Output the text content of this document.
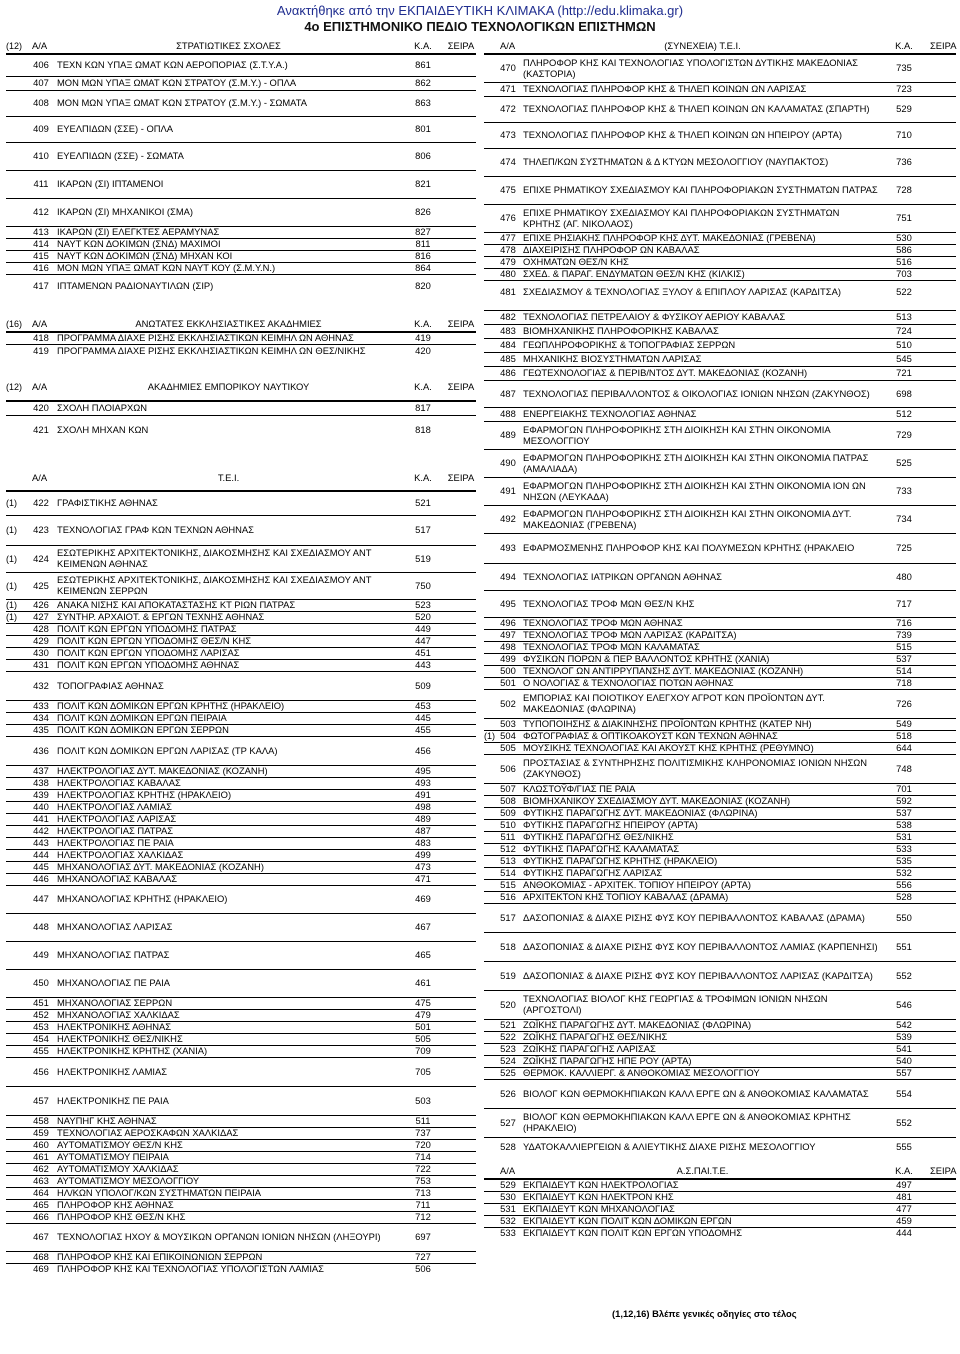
Ανακτήθηκε από την ΕΚΠΑΙΔΕΥΤΙΚΗ ΚΛΙΜΑΚΑ (http://edu.klimaka.gr)
4ο ΕΠΙΣΤΗΜΟΝΙΚΟ ΠΕΔΙΟ ΤΕΧΝΟΛΟΓΙΚΩΝ ΕΠΙΣΤΗΜΩΝ
(12)	Α/Α	ΣΤΡΑΤΙΩΤΙΚΕΣ ΣΧΟΛΕΣ	Κ.Α.	ΣΕΙΡΑ
406 ΤΕΧΝ ΚΩΝ ΥΠΑΞ ΩΜΑΤ ΚΩΝ ΑΕΡΟΠΟΡΙΑΣ (Σ.Τ.Υ.Α.)	861
407 ΜΟΝ ΜΩΝ ΥΠΑΞ ΩΜΑΤ ΚΩΝ ΣΤΡΑΤΟΥ (Σ.Μ.Υ.) - ΟΠΛΑ	862
408 ΜΟΝ ΜΩΝ ΥΠΑΞ ΩΜΑΤ ΚΩΝ ΣΤΡΑΤΟΥ (Σ.Μ.Υ.) - ΣΩΜΑΤΑ	863
409 ΕΥΕΛΠΙΔΩΝ (ΣΣΕ) - ΟΠΛΑ	801
410 ΕΥΕΛΠΙΔΩΝ (ΣΣΕ) - ΣΩΜΑΤΑ	806
411 ΙΚΑΡΩΝ (ΣΙ) ΙΠΤΑΜΕΝΟΙ	821
412 ΙΚΑΡΩΝ (ΣΙ) ΜΗΧΑΝΙΚΟΙ (ΣΜΑ)	826
413 ΙΚΑΡΩΝ (ΣΙ) ΕΛΕΓΚΤΕΣ ΑΕΡΑΜΥΝΑΣ	827
414 ΝΑΥΤ ΚΩΝ ΔΟΚΙΜΩΝ (ΣΝΔ) ΜΑΧΙΜΟΙ	811
415 ΝΑΥΤ ΚΩΝ ΔΟΚΙΜΩΝ (ΣΝΔ) ΜΗΧΑΝ ΚΟΙ	816
416 ΜΟΝ ΜΩΝ ΥΠΑΞ ΩΜΑΤ ΚΩΝ ΝΑΥΤ ΚΟΥ (Σ.Μ.Υ.Ν.)	864
417 ΙΠΤΑΜΕΝΩΝ ΡΑΔΙΟΝΑΥΤΙΛΩΝ (ΣΙΡ)	820
(16)	Α/Α	ΑΝΩΤΑΤΕΣ ΕΚΚΛΗΣΙΑΣΤΙΚΕΣ ΑΚΑΔΗΜΙΕΣ	Κ.Α.	ΣΕΙΡΑ
418 ΠΡΟΓΡΑΜΜΑ ΔΙΑΧΕ ΡΙΣΗΣ ΕΚΚΛΗΣΙΑΣΤΙΚΩΝ ΚΕΙΜΗΛ ΩΝ ΑΘΗΝΑΣ	419
419 ΠΡΟΓΡΑΜΜΑ ΔΙΑΧΕ ΡΙΣΗΣ ΕΚΚΛΗΣΙΑΣΤΙΚΩΝ ΚΕΙΜΗΛ ΩΝ ΘΕΣ/ΝΙΚΗΣ	420
(12)	Α/Α	ΑΚΑΔΗΜΙΕΣ ΕΜΠΟΡΙΚΟΥ ΝΑΥΤΙΚΟΥ	Κ.Α.	ΣΕΙΡΑ
420 ΣΧΟΛΗ ΠΛΟΙΑΡΧΩΝ	817
421 ΣΧΟΛΗ ΜΗΧΑΝ ΚΩΝ	818
Α/Α	Τ.Ε.Ι.	Κ.Α.	ΣΕΙΡΑ
(1)	422 ΓΡΑΦΙΣΤΙΚΗΣ ΑΘΗΝΑΣ	521
(1)	423 ΤΕΧΝΟΛΟΓΙΑΣ ΓΡΑΦ ΚΩΝ ΤΕΧΝΩΝ ΑΘΗΝΑΣ	517
(1)	424 ΕΣΩΤΕΡΙΚΗΣ ΑΡΧΙΤΕΚΤΟΝΙΚΗΣ, ΔΙΑΚΟΣΜΗΣΗΣ ΚΑΙ ΣΧΕΔΙΑΣΜΟΥ ΑΝΤ ΚΕΙΜΕΝΩΝ ΑΘΗΝΑΣ	519
(1)	425 ΕΣΩΤΕΡΙΚΗΣ ΑΡΧΙΤΕΚΤΟΝΙΚΗΣ, ΔΙΑΚΟΣΜΗΣΗΣ ΚΑΙ ΣΧΕΔΙΑΣΜΟΥ ΑΝΤ ΚΕΙΜΕΝΩΝ ΣΕΡΡΩΝ	750
(1)	426 ΑΝΑΚΑ ΝΙΣΗΣ ΚΑΙ ΑΠΟΚΑΤΑΣΤΑΣΗΣ ΚΤ ΡΙΩΝ ΠΑΤΡΑΣ	523
(1)	427 ΣΥΝΤΗΡ. ΑΡΧΑΙΟΤ. & ΕΡΓΩΝ ΤΕΧΝΗΣ ΑΘΗΝΑΣ	520
428 ΠΟΛΙΤ ΚΩΝ ΕΡΓΩΝ ΥΠΟΔΟΜΗΣ ΠΑΤΡΑΣ	449
429 ΠΟΛΙΤ ΚΩΝ ΕΡΓΩΝ ΥΠΟΔΟΜΗΣ ΘΕΣ/Ν ΚΗΣ	447
430 ΠΟΛΙΤ ΚΩΝ ΕΡΓΩΝ ΥΠΟΔΟΜΗΣ ΛΑΡΙΣΑΣ	451
431 ΠΟΛΙΤ ΚΩΝ ΕΡΓΩΝ ΥΠΟΔΟΜΗΣ ΑΘΗΝΑΣ	443
432 ΤΟΠΟΓΡΑΦΙΑΣ ΑΘΗΝΑΣ	509
433 ΠΟΛΙΤ ΚΩΝ ΔΟΜΙΚΩΝ ΕΡΓΩΝ ΚΡΗΤΗΣ (ΗΡΑΚΛΕΙΟ)	453
434 ΠΟΛΙΤ ΚΩΝ ΔΟΜΙΚΩΝ ΕΡΓΩΝ ΠΕΙΡΑΙΑ	445
435 ΠΟΛΙΤ ΚΩΝ ΔΟΜΙΚΩΝ ΕΡΓΩΝ ΣΕΡΡΩΝ	455
436 ΠΟΛΙΤ ΚΩΝ ΔΟΜΙΚΩΝ ΕΡΓΩΝ ΛΑΡΙΣΑΣ (ΤΡ ΚΑΛΑ)	456
437 ΗΛΕΚΤΡΟΛΟΓΙΑΣ ΔΥΤ. ΜΑΚΕΔΟΝΙΑΣ (ΚΟΖΑΝΗ)	495
438 ΗΛΕΚΤΡΟΛΟΓΙΑΣ ΚΑΒΑΛΑΣ	493
439 ΗΛΕΚΤΡΟΛΟΓΙΑΣ ΚΡΗΤΗΣ (ΗΡΑΚΛΕΙΟ)	491
440 ΗΛΕΚΤΡΟΛΟΓΙΑΣ ΛΑΜΙΑΣ	498
441 ΗΛΕΚΤΡΟΛΟΓΙΑΣ ΛΑΡΙΣΑΣ	489
442 ΗΛΕΚΤΡΟΛΟΓΙΑΣ ΠΑΤΡΑΣ	487
443 ΗΛΕΚΤΡΟΛΟΓΙΑΣ ΠΕ ΡΑΙΑ	483
444 ΗΛΕΚΤΡΟΛΟΓΙΑΣ ΧΑΛΚΙΔΑΣ	499
445 ΜΗΧΑΝΟΛΟΓΙΑΣ ΔΥΤ. ΜΑΚΕΔΟΝΙΑΣ (ΚΟΖΑΝΗ)	473
446 ΜΗΧΑΝΟΛΟΓΙΑΣ ΚΑΒΑΛΑΣ	471
447 ΜΗΧΑΝΟΛΟΓΙΑΣ ΚΡΗΤΗΣ (ΗΡΑΚΛΕΙΟ)	469
448 ΜΗΧΑΝΟΛΟΓΙΑΣ ΛΑΡΙΣΑΣ	467
449 ΜΗΧΑΝΟΛΟΓΙΑΣ ΠΑΤΡΑΣ	465
450 ΜΗΧΑΝΟΛΟΓΙΑΣ ΠΕ ΡΑΙΑ	461
451 ΜΗΧΑΝΟΛΟΓΙΑΣ ΣΕΡΡΩΝ	475
452 ΜΗΧΑΝΟΛΟΓΙΑΣ ΧΑΛΚΙΔΑΣ	479
453 ΗΛΕΚΤΡΟΝΙΚΗΣ ΑΘΗΝΑΣ	501
454 ΗΛΕΚΤΡΟΝΙΚΗΣ ΘΕΣ/ΝΙΚΗΣ	505
455 ΗΛΕΚΤΡΟΝΙΚΗΣ ΚΡΗΤΗΣ (ΧΑΝΙΑ)	709
456 ΗΛΕΚΤΡΟΝΙΚΗΣ ΛΑΜΙΑΣ	705
457 ΗΛΕΚΤΡΟΝΙΚΗΣ ΠΕ ΡΑΙΑ	503
458 ΝΑΥΠΗΓ ΚΗΣ ΑΘΗΝΑΣ	511
459 ΤΕΧΝΟΛΟΓΙΑΣ ΑΕΡΟΣΚΑΦΩΝ ΧΑΛΚΙΔΑΣ	737
460 ΑΥΤΟΜΑΤΙΣΜΟΥ ΘΕΣ/Ν ΚΗΣ	720
461 ΑΥΤΟΜΑΤΙΣΜΟΥ ΠΕΙΡΑΙΑ	714
462 ΑΥΤΟΜΑΤΙΣΜΟΥ ΧΑΛΚΙΔΑΣ	722
463 ΑΥΤΟΜΑΤΙΣΜΟΥ ΜΕΣΟΛΟΓΓΙΟΥ	753
464 ΗΛ/ΚΩΝ ΥΠΟΛΟΓ/ΚΩΝ ΣΥΣΤΗΜΑΤΩΝ ΠΕΙΡΑΙΑ	713
465 ΠΛΗΡΟΦΟΡ ΚΗΣ ΑΘΗΝΑΣ	711
466 ΠΛΗΡΟΦΟΡ ΚΗΣ ΘΕΣ/Ν ΚΗΣ	712
467 ΤΕΧΝΟΛΟΓΙΑΣ ΗΧΟΥ & ΜΟΥΣΙΚΩΝ ΟΡΓΑΝΩΝ ΙΟΝΙΩΝ ΝΗΣΩΝ (ΛΗΞΟΥΡΙ)	697
468 ΠΛΗΡΟΦΟΡ ΚΗΣ ΚΑΙ ΕΠΙΚΟΙΝΩΝΙΩΝ ΣΕΡΡΩΝ	727
469 ΠΛΗΡΟΦΟΡ ΚΗΣ ΚΑΙ ΤΕΧΝΟΛΟΓΙΑΣ ΥΠΟΛΟΓΙΣΤΩΝ ΛΑΜΙΑΣ	506
Α/Α	(ΣΥΝΕΧΕΙΑ) Τ.Ε.Ι.	Κ.Α.	ΣΕΙΡΑ
470 ΠΛΗΡΟΦΟΡ ΚΗΣ ΚΑΙ ΤΕΧΝΟΛΟΓΙΑΣ ΥΠΟΛΟΓΙΣΤΩΝ ΔΥΤΙΚΗΣ ΜΑΚΕΔΟΝΙΑΣ (ΚΑΣΤΟΡΙΑ)	735
471 ΤΕΧΝΟΛΟΓΙΑΣ ΠΛΗΡΟΦΟΡ ΚΗΣ & ΤΗΛΕΠ ΚΟΙΝΩΝ ΩΝ ΛΑΡΙΣΑΣ	723
472 ΤΕΧΝΟΛΟΓΙΑΣ ΠΛΗΡΟΦΟΡ ΚΗΣ & ΤΗΛΕΠ ΚΟΙΝΩΝ ΩΝ ΚΑΛΑΜΑΤΑΣ (ΣΠΑΡΤΗ)	529
473 ΤΕΧΝΟΛΟΓΙΑΣ ΠΛΗΡΟΦΟΡ ΚΗΣ & ΤΗΛΕΠ ΚΟΙΝΩΝ ΩΝ ΗΠΕΙΡΟΥ (ΑΡΤΑ)	710
474 ΤΗΛΕΠ/ΚΩΝ ΣΥΣΤΗΜΑΤΩΝ & Δ ΚΤΥΩΝ ΜΕΣΟΛΟΓΓΙΟΥ (ΝΑΥΠΑΚΤΟΣ)	736
475 ΕΠΙΧΕ ΡΗΜΑΤΙΚΟΥ ΣΧΕΔΙΑΣΜΟΥ ΚΑΙ ΠΛΗΡΟΦΟΡΙΑΚΩΝ ΣΥΣΤΗΜΑΤΩΝ ΠΑΤΡΑΣ	728
476 ΕΠΙΧΕ ΡΗΜΑΤΙΚΟΥ ΣΧΕΔΙΑΣΜΟΥ ΚΑΙ ΠΛΗΡΟΦΟΡΙΑΚΩΝ ΣΥΣΤΗΜΑΤΩΝ ΚΡΗΤΗΣ (ΑΓ. ΝΙΚΟΛΑΟΣ)	751
477 ΕΠΙΧΕ ΡΗΣΙΑΚΗΣ ΠΛΗΡΟΦΟΡ ΚΗΣ ΔΥΤ. ΜΑΚΕΔΟΝΙΑΣ (ΓΡΕΒΕΝΑ)	530
478 ΔΙΑΧΕΙΡΙΣΗΣ ΠΛΗΡΟΦΟΡ ΩΝ ΚΑΒΑΛΑΣ	586
479 ΟΧΗΜΑΤΩΝ ΘΕΣ/Ν ΚΗΣ	516
480 ΣΧΕΔ. & ΠΑΡΑΓ. ΕΝΔΥΜΑΤΩΝ ΘΕΣ/Ν ΚΗΣ (ΚΙΛΚΙΣ)	703
481 ΣΧΕΔΙΑΣΜΟΥ & ΤΕΧΝΟΛΟΓΙΑΣ ΞΥΛΟΥ & ΕΠΙΠΛΟΥ ΛΑΡΙΣΑΣ (ΚΑΡΔΙΤΣΑ)	522
482 ΤΕΧΝΟΛΟΓΙΑΣ ΠΕΤΡΕΛΑΙΟΥ & ΦΥΣΙΚΟΥ ΑΕΡΙΟΥ ΚΑΒΑΛΑΣ	513
483 ΒΙΟΜΗΧΑΝΙΚΗΣ ΠΛΗΡΟΦΟΡΙΚΗΣ ΚΑΒΑΛΑΣ	724
484 ΓΕΩΠΛΗΡΟΦΟΡΙΚΗΣ & ΤΟΠΟΓΡΑΦΙΑΣ ΣΕΡΡΩΝ	510
485 ΜΗΧΑΝΙΚΗΣ ΒΙΟΣΥΣΤΗΜΑΤΩΝ ΛΑΡΙΣΑΣ	545
486 ΓΕΩΤΕΧΝΟΛΟΓΙΑΣ & ΠΕΡΙΒ/ΝΤΟΣ ΔΥΤ. ΜΑΚΕΔΟΝΙΑΣ (ΚΟΖΑΝΗ)	721
487 ΤΕΧΝΟΛΟΓΙΑΣ ΠΕΡΙΒΑΛΛΟΝΤΟΣ & ΟΙΚΟΛΟΓΙΑΣ ΙΟΝΙΩΝ ΝΗΣΩΝ (ΖΑΚΥΝΘΟΣ)	698
488 ΕΝΕΡΓΕΙΑΚΗΣ ΤΕΧΝΟΛΟΓΙΑΣ ΑΘΗΝΑΣ	512
489 ΕΦΑΡΜΟΓΩΝ ΠΛΗΡΟΦΟΡΙΚΗΣ ΣΤΗ ΔΙΟΙΚΗΣΗ ΚΑΙ ΣΤΗΝ ΟΙΚΟΝΟΜΙΑ ΜΕΣΟΛΟΓΓΙΟΥ	729
490 ΕΦΑΡΜΟΓΩΝ ΠΛΗΡΟΦΟΡΙΚΗΣ ΣΤΗ ΔΙΟΙΚΗΣΗ ΚΑΙ ΣΤΗΝ ΟΙΚΟΝΟΜΙΑ ΠΑΤΡΑΣ (ΑΜΑΛΙΑΔΑ)	525
491 ΕΦΑΡΜΟΓΩΝ ΠΛΗΡΟΦΟΡΙΚΗΣ ΣΤΗ ΔΙΟΙΚΗΣΗ ΚΑΙ ΣΤΗΝ ΟΙΚΟΝΟΜΙΑ ΙΟΝ ΩΝ ΝΗΣΩΝ (ΛΕΥΚΑΔΑ)	733
492 ΕΦΑΡΜΟΓΩΝ ΠΛΗΡΟΦΟΡΙΚΗΣ ΣΤΗ ΔΙΟΙΚΗΣΗ ΚΑΙ ΣΤΗΝ ΟΙΚΟΝΟΜΙΑ ΔΥΤ. ΜΑΚΕΔΟΝΙΑΣ (ΓΡΕΒΕΝΑ)	734
493 ΕΦΑΡΜΟΣΜΕΝΗΣ ΠΛΗΡΟΦΟΡ ΚΗΣ ΚΑΙ ΠΟΛΥΜΕΣΩΝ ΚΡΗΤΗΣ (ΗΡΑΚΛΕΙΟ	725
494 ΤΕΧΝΟΛΟΓΙΑΣ ΙΑΤΡΙΚΩΝ ΟΡΓΑΝΩΝ ΑΘΗΝΑΣ	480
495 ΤΕΧΝΟΛΟΓΙΑΣ ΤΡΟΦ ΜΩΝ ΘΕΣ/Ν ΚΗΣ	717
496 ΤΕΧΝΟΛΟΓΙΑΣ ΤΡΟΦ ΜΩΝ ΑΘΗΝΑΣ	716
497 ΤΕΧΝΟΛΟΓΙΑΣ ΤΡΟΦ ΜΩΝ ΛΑΡΙΣΑΣ (ΚΑΡΔΙΤΣΑ)	739
498 ΤΕΧΝΟΛΟΓΙΑΣ ΤΡΟΦ ΜΩΝ ΚΑΛΑΜΑΤΑΣ	515
499 ΦΥΣΙΚΩΝ ΠΟΡΩΝ & ΠΕΡ ΒΑΛΛΟΝΤΟΣ ΚΡΗΤΗΣ (ΧΑΝΙΑ)	537
500 ΤΕΧΝΟΛΟΓ ΩΝ ΑΝΤΙΡΡΥΠΑΝΣΗΣ ΔΥΤ. ΜΑΚΕΔΟΝΙΑΣ (ΚΟΖΑΝΗ)	514
501 Ο ΝΟΛΟΓΙΑΣ & ΤΕΧΝΟΛΟΓΙΑΣ ΠΟΤΩΝ ΑΘΗΝΑΣ	718
502 ΕΜΠΟΡΙΑΣ ΚΑΙ ΠΟΙΟΤΙΚΟΥ ΕΛΕΓΧΟΥ ΑΓΡΟΤ ΚΩΝ ΠΡΟΪΟΝΤΩΝ ΔΥΤ. ΜΑΚΕΔΟΝΙΑΣ (ΦΛΩΡΙΝΑ)	726
503 ΤΥΠΟΠΟΙΗΣΗΣ & ΔΙΑΚΙΝΗΣΗΣ ΠΡΟΪΟΝΤΩΝ ΚΡΗΤΗΣ (ΚΑΤΕΡ ΝΗ)	549
(1) 504 ΦΩΤΟΓΡΑΦΙΑΣ & ΟΠΤΙΚΟΑΚΟΥΣΤ ΚΩΝ ΤΕΧΝΩΝ ΑΘΗΝΑΣ	518
505 ΜΟΥΣΙΚΗΣ ΤΕΧΝΟΛΟΓΙΑΣ ΚΑΙ ΑΚΟΥΣΤ ΚΗΣ ΚΡΗΤΗΣ (ΡΕΘΥΜΝΟ)	644
506 ΠΡΟΣΤΑΣΙΑΣ & ΣΥΝΤΗΡΗΣΗΣ ΠΟΛΙΤΙΣΜΙΚΗΣ ΚΛΗΡΟΝΟΜΙΑΣ ΙΟΝΙΩΝ ΝΗΣΩΝ (ΖΑΚΥΝΘΟΣ)	748
507 ΚΛΩΣΤΟΫΦ/ΓΙΑΣ ΠΕ ΡΑΙΑ	701
508 ΒΙΟΜΗΧΑΝΙΚΟΥ ΣΧΕΔΙΑΣΜΟΥ ΔΥΤ. ΜΑΚΕΔΟΝΙΑΣ (ΚΟΖΑΝΗ)	592
509 ΦΥΤΙΚΗΣ ΠΑΡΑΓΩΓΗΣ ΔΥΤ. ΜΑΚΕΔΟΝΙΑΣ (ΦΛΩΡΙΝΑ)	537
510 ΦΥΤΙΚΗΣ ΠΑΡΑΓΩΓΗΣ ΗΠΕΙΡΟΥ (ΑΡΤΑ)	538
511 ΦΥΤΙΚΗΣ ΠΑΡΑΓΩΓΗΣ ΘΕΣ/ΝΙΚΗΣ	531
512 ΦΥΤΙΚΗΣ ΠΑΡΑΓΩΓΗΣ ΚΑΛΑΜΑΤΑΣ	533
513 ΦΥΤΙΚΗΣ ΠΑΡΑΓΩΓΗΣ ΚΡΗΤΗΣ (ΗΡΑΚΛΕΙΟ)	535
514 ΦΥΤΙΚΗΣ ΠΑΡΑΓΩΓΗΣ ΛΑΡΙΣΑΣ	532
515 ΑΝΘΟΚΟΜΙΑΣ - ΑΡΧΙΤΕΚ. ΤΟΠΙΟΥ ΗΠΕΙΡΟΥ (ΑΡΤΑ)	556
516 ΑΡΧΙΤΕΚΤΟΝ ΚΗΣ ΤΟΠΙΟΥ ΚΑΒΑΛΑΣ (ΔΡΑΜΑ)	528
517 ΔΑΣΟΠΟΝΙΑΣ & ΔΙΑΧΕ ΡΙΣΗΣ ΦΥΣ ΚΟΥ ΠΕΡΙΒΑΛΛΟΝΤΟΣ ΚΑΒΑΛΑΣ (ΔΡΑΜΑ)	550
518 ΔΑΣΟΠΟΝΙΑΣ & ΔΙΑΧΕ ΡΙΣΗΣ ΦΥΣ ΚΟΥ ΠΕΡΙΒΑΛΛΟΝΤΟΣ ΛΑΜΙΑΣ (ΚΑΡΠΕΝΗΣΙ)	551
519 ΔΑΣΟΠΟΝΙΑΣ & ΔΙΑΧΕ ΡΙΣΗΣ ΦΥΣ ΚΟΥ ΠΕΡΙΒΑΛΛΟΝΤΟΣ ΛΑΡΙΣΑΣ (ΚΑΡΔΙΤΣΑ)	552
520 ΤΕΧΝΟΛΟΓΙΑΣ ΒΙΟΛΟΓ ΚΗΣ ΓΕΩΡΓΙΑΣ & ΤΡΟΦΙΜΩΝ ΙΟΝΙΩΝ ΝΗΣΩΝ (ΑΡΓΟΣΤΟΛΙ)	546
521 ΖΩΪΚΗΣ ΠΑΡΑΓΩΓΗΣ ΔΥΤ. ΜΑΚΕΔΟΝΙΑΣ (ΦΛΩΡΙΝΑ)	542
522 ΖΩΪΚΗΣ ΠΑΡΑΓΩΓΗΣ ΘΕΣ/ΝΙΚΗΣ	539
523 ΖΩΪΚΗΣ ΠΑΡΑΓΩΓΗΣ ΛΑΡΙΣΑΣ	541
524 ΖΩΪΚΗΣ ΠΑΡΑΓΩΓΗΣ ΗΠΕ ΡΟΥ (ΑΡΤΑ)	540
525 ΘΕΡΜΟΚ. ΚΑΛΛΙΕΡΓ. & ΑΝΘΟΚΟΜΙΑΣ ΜΕΣΟΛΟΓΓΙΟΥ	557
526 ΒΙΟΛΟΓ ΚΩΝ ΘΕΡΜΟΚΗΠΙΑΚΩΝ ΚΑΛΛ ΕΡΓΕ ΩΝ & ΑΝΘΟΚΟΜΙΑΣ ΚΑΛΑΜΑΤΑΣ	554
527 ΒΙΟΛΟΓ ΚΩΝ ΘΕΡΜΟΚΗΠΙΑΚΩΝ ΚΑΛΛ ΕΡΓΕ ΩΝ & ΑΝΘΟΚΟΜΙΑΣ ΚΡΗΤΗΣ (ΗΡΑΚΛΕΙΟ)	552
528 ΥΔΑΤΟΚΑΛΛΙΕΡΓΕΙΩΝ & ΑΛΙΕΥΤΙΚΗΣ ΔΙΑΧΕ ΡΙΣΗΣ ΜΕΣΟΛΟΓΓΙΟΥ	555
Α/Α	Α.Σ.ΠΑΙ.Τ.Ε.	Κ.Α.	ΣΕΙΡΑ
529 ΕΚΠΑΙΔΕΥΤ ΚΩΝ ΗΛΕΚΤΡΟΛΟΓΙΑΣ	497
530 ΕΚΠΑΙΔΕΥΤ ΚΩΝ ΗΛΕΚΤΡΟΝ ΚΗΣ	481
531 ΕΚΠΑΙΔΕΥΤ ΚΩΝ ΜΗΧΑΝΟΛΟΓΙΑΣ	477
532 ΕΚΠΑΙΔΕΥΤ ΚΩΝ ΠΟΛΙΤ ΚΩΝ ΔΟΜΙΚΩΝ ΕΡΓΩΝ	459
533 ΕΚΠΑΙΔΕΥΤ ΚΩΝ ΠΟΛΙΤ ΚΩΝ ΕΡΓΩΝ ΥΠΟΔΟΜΗΣ	444
(1,12,16) Βλέπε γενικές οδηγίες στο τέλος
